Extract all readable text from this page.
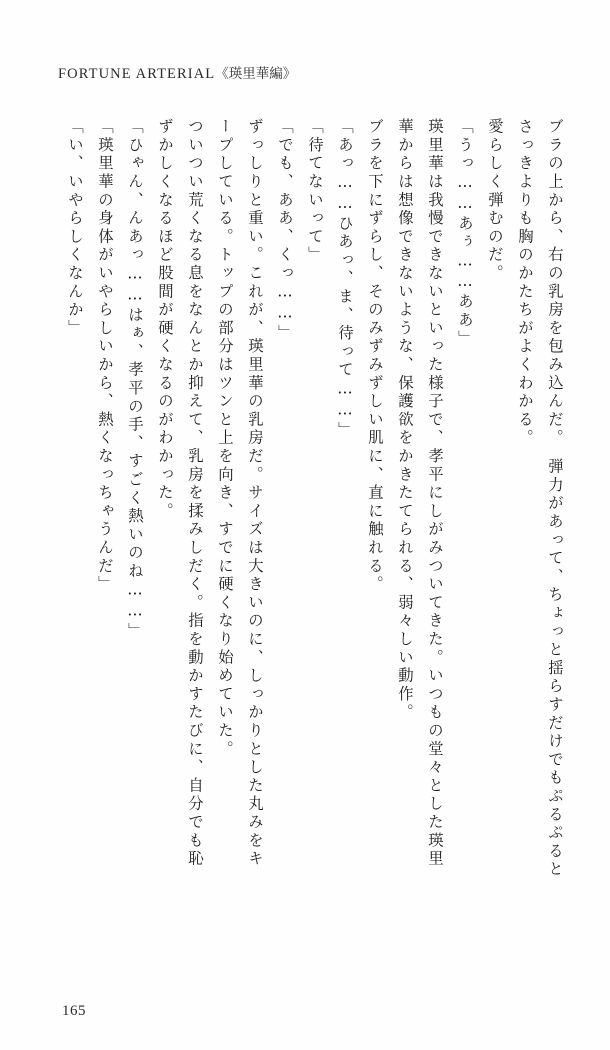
FORTUNE ARTERIAL《瑛里華編》
ブラの上から、右の乳房を包み込んだ。　弾力があって、ちょっと揺らすだけでもぷるぷると
さっきよりも胸のかたちがよくわかる。
愛らしく弾むのだ。
「うっ……あぅ……ああ」
瑛里華は我慢できないといった様子で、孝平にしがみついてきた。いつもの堂々とした瑛里
華からは想像できないような、保護欲をかきたてられる、弱々しい動作。
ブラを下にずらし、そのみずみずしい肌に、直に触れる。
「あっ……ひあっ、ま、待って……」
「待てないって」
「でも、ああ、くっ……」
ずっしりと重い。これが、瑛里華の乳房だ。サイズは大きいのに、しっかりとした丸みをキ
ープしている。トップの部分はツンと上を向き、すでに硬くなり始めていた。
ついつい荒くなる息をなんとか抑えて、乳房を揉みしだく。指を動かすたびに、自分でも恥
ずかしくなるほど股間が硬くなるのがわかった。
「ひゃん、んあっ……はぁ、孝平の手、すごく熱いのね……」
「瑛里華の身体がいやらしいから、熱くなっちゃうんだ」
「い、いやらしくなんか」
165
